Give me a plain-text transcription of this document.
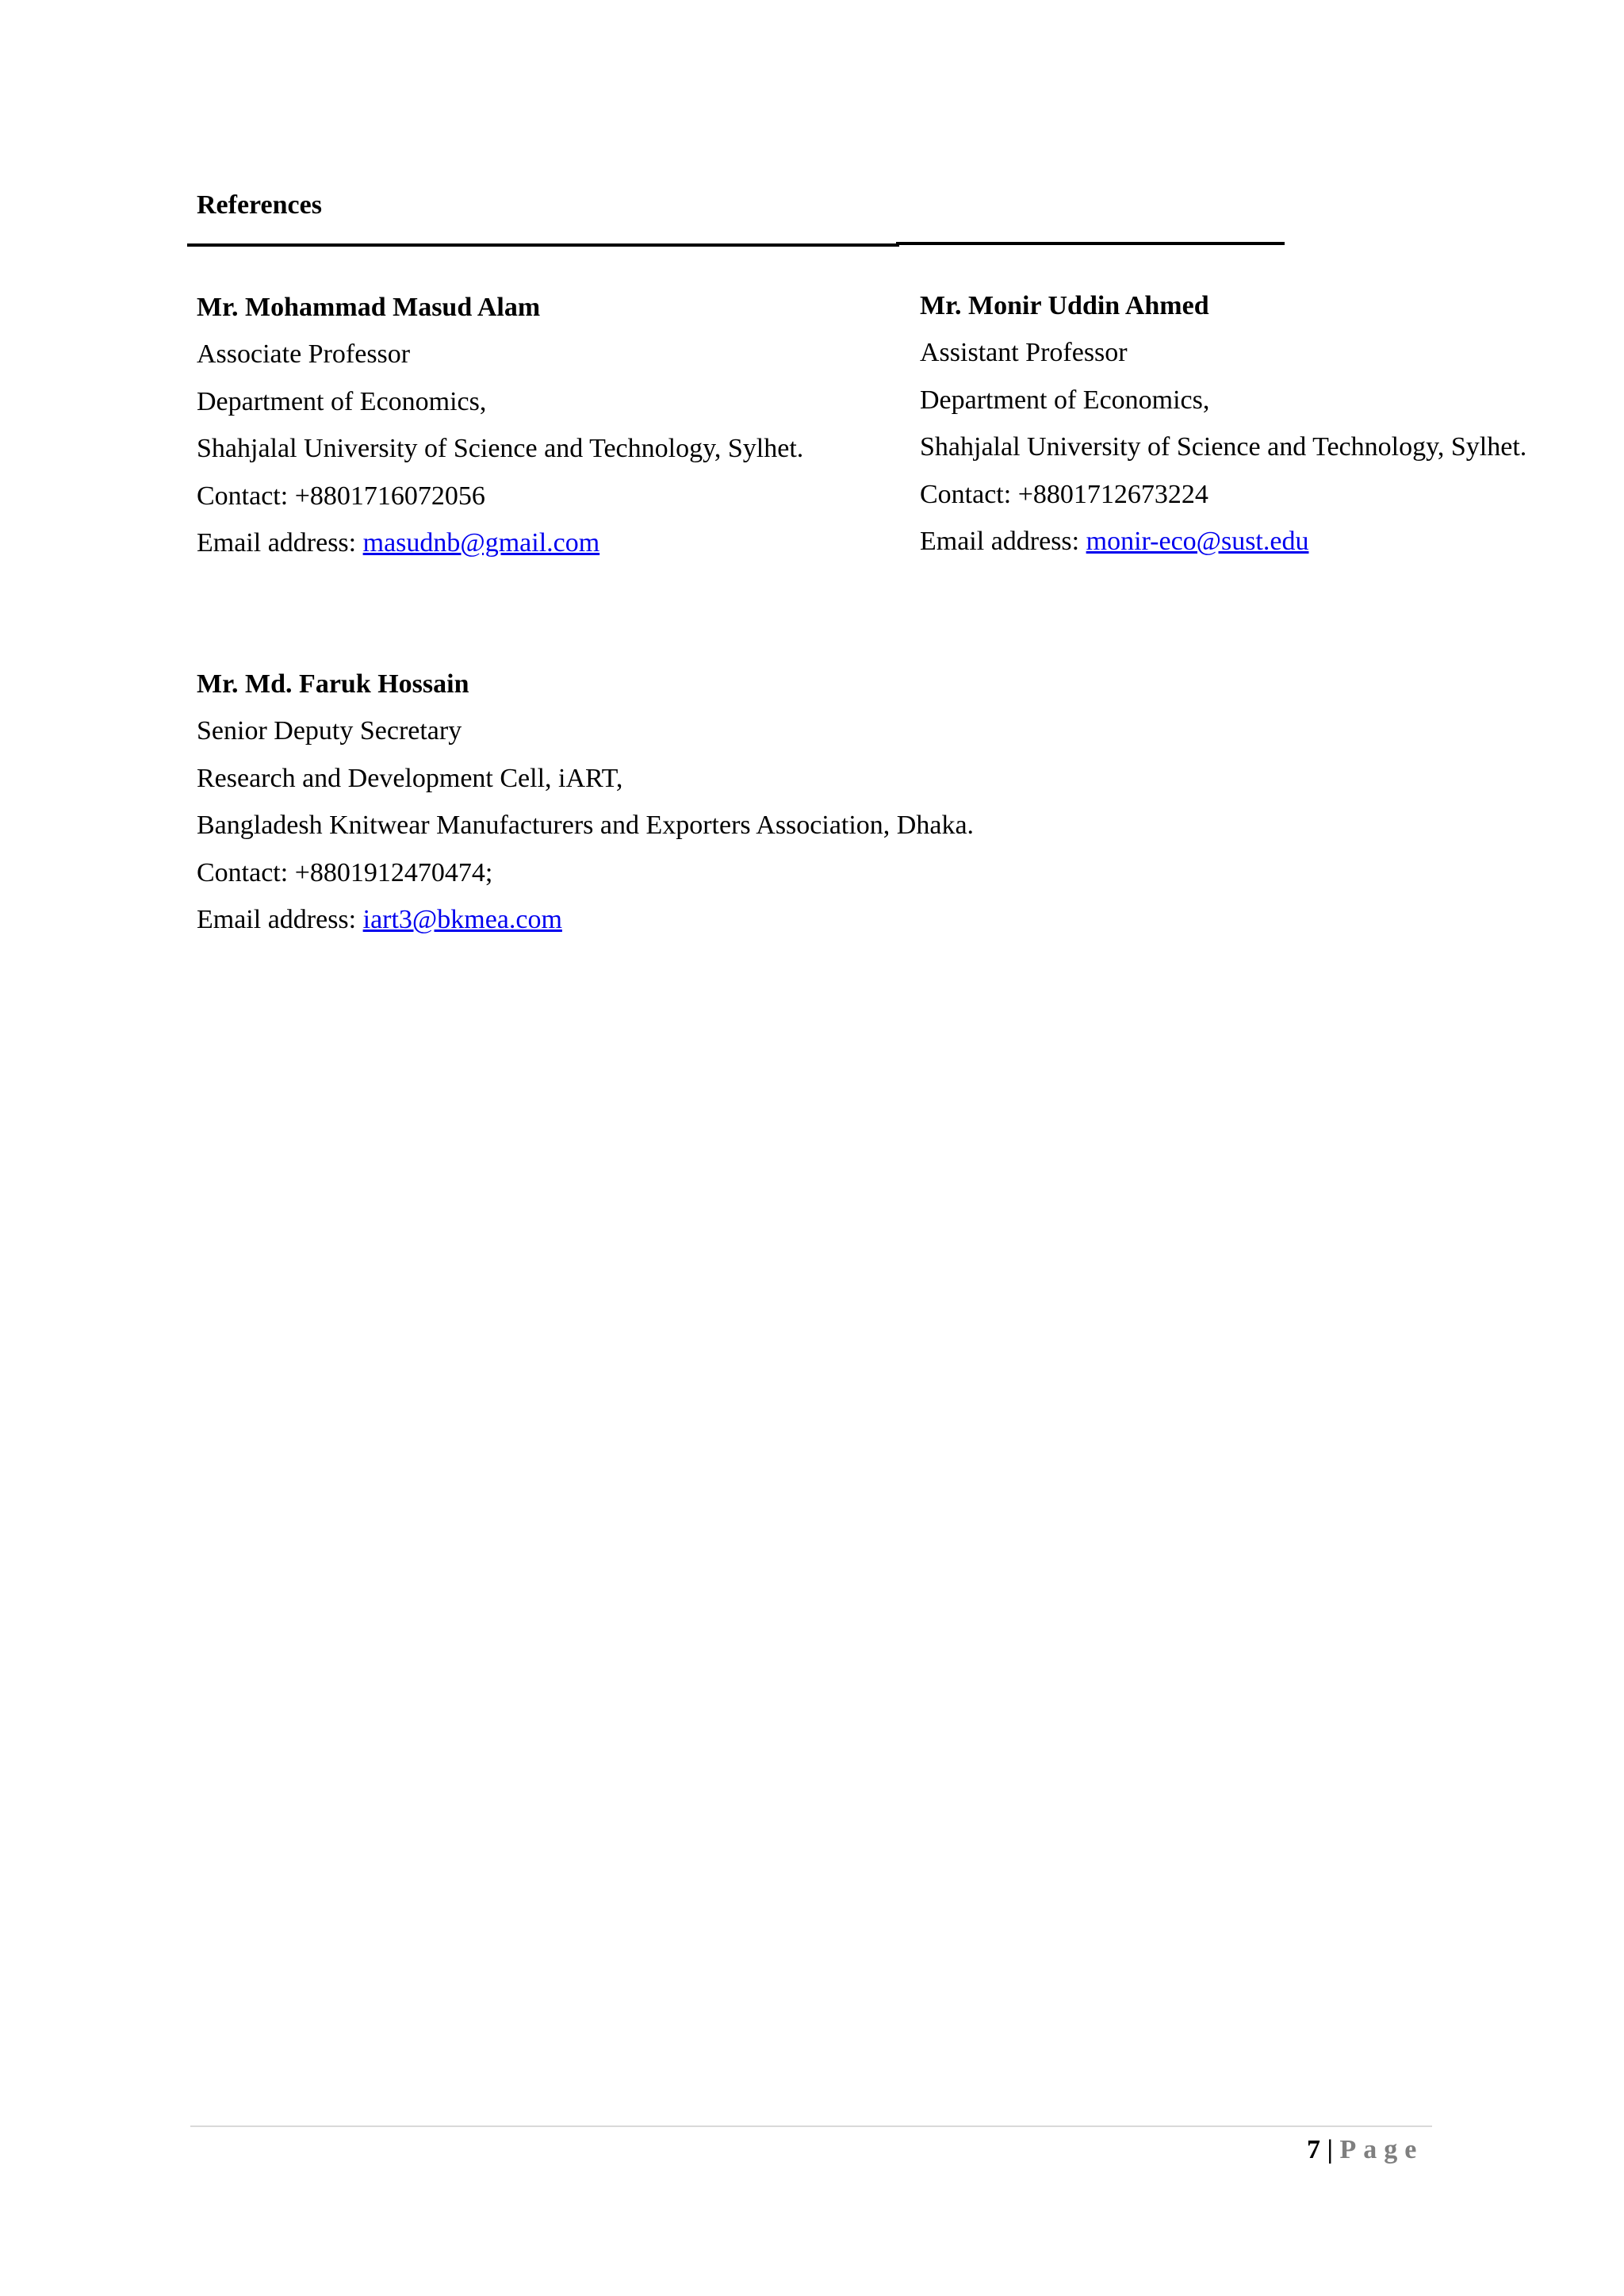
References
Mr. Mohammad Masud Alam
Associate Professor
Department of Economics,
Shahjalal University of Science and Technology, Sylhet.
Contact: +8801716072056
Email address: masudnb@gmail.com
Mr. Monir Uddin Ahmed
Assistant Professor
Department of Economics,
Shahjalal University of Science and Technology, Sylhet.
Contact: +8801712673224
Email address: monir-eco@sust.edu
Mr. Md. Faruk Hossain
Senior Deputy Secretary
Research and Development Cell, iART,
Bangladesh Knitwear Manufacturers and Exporters Association, Dhaka.
Contact: +8801912470474;
Email address: iart3@bkmea.com
7 | Page
